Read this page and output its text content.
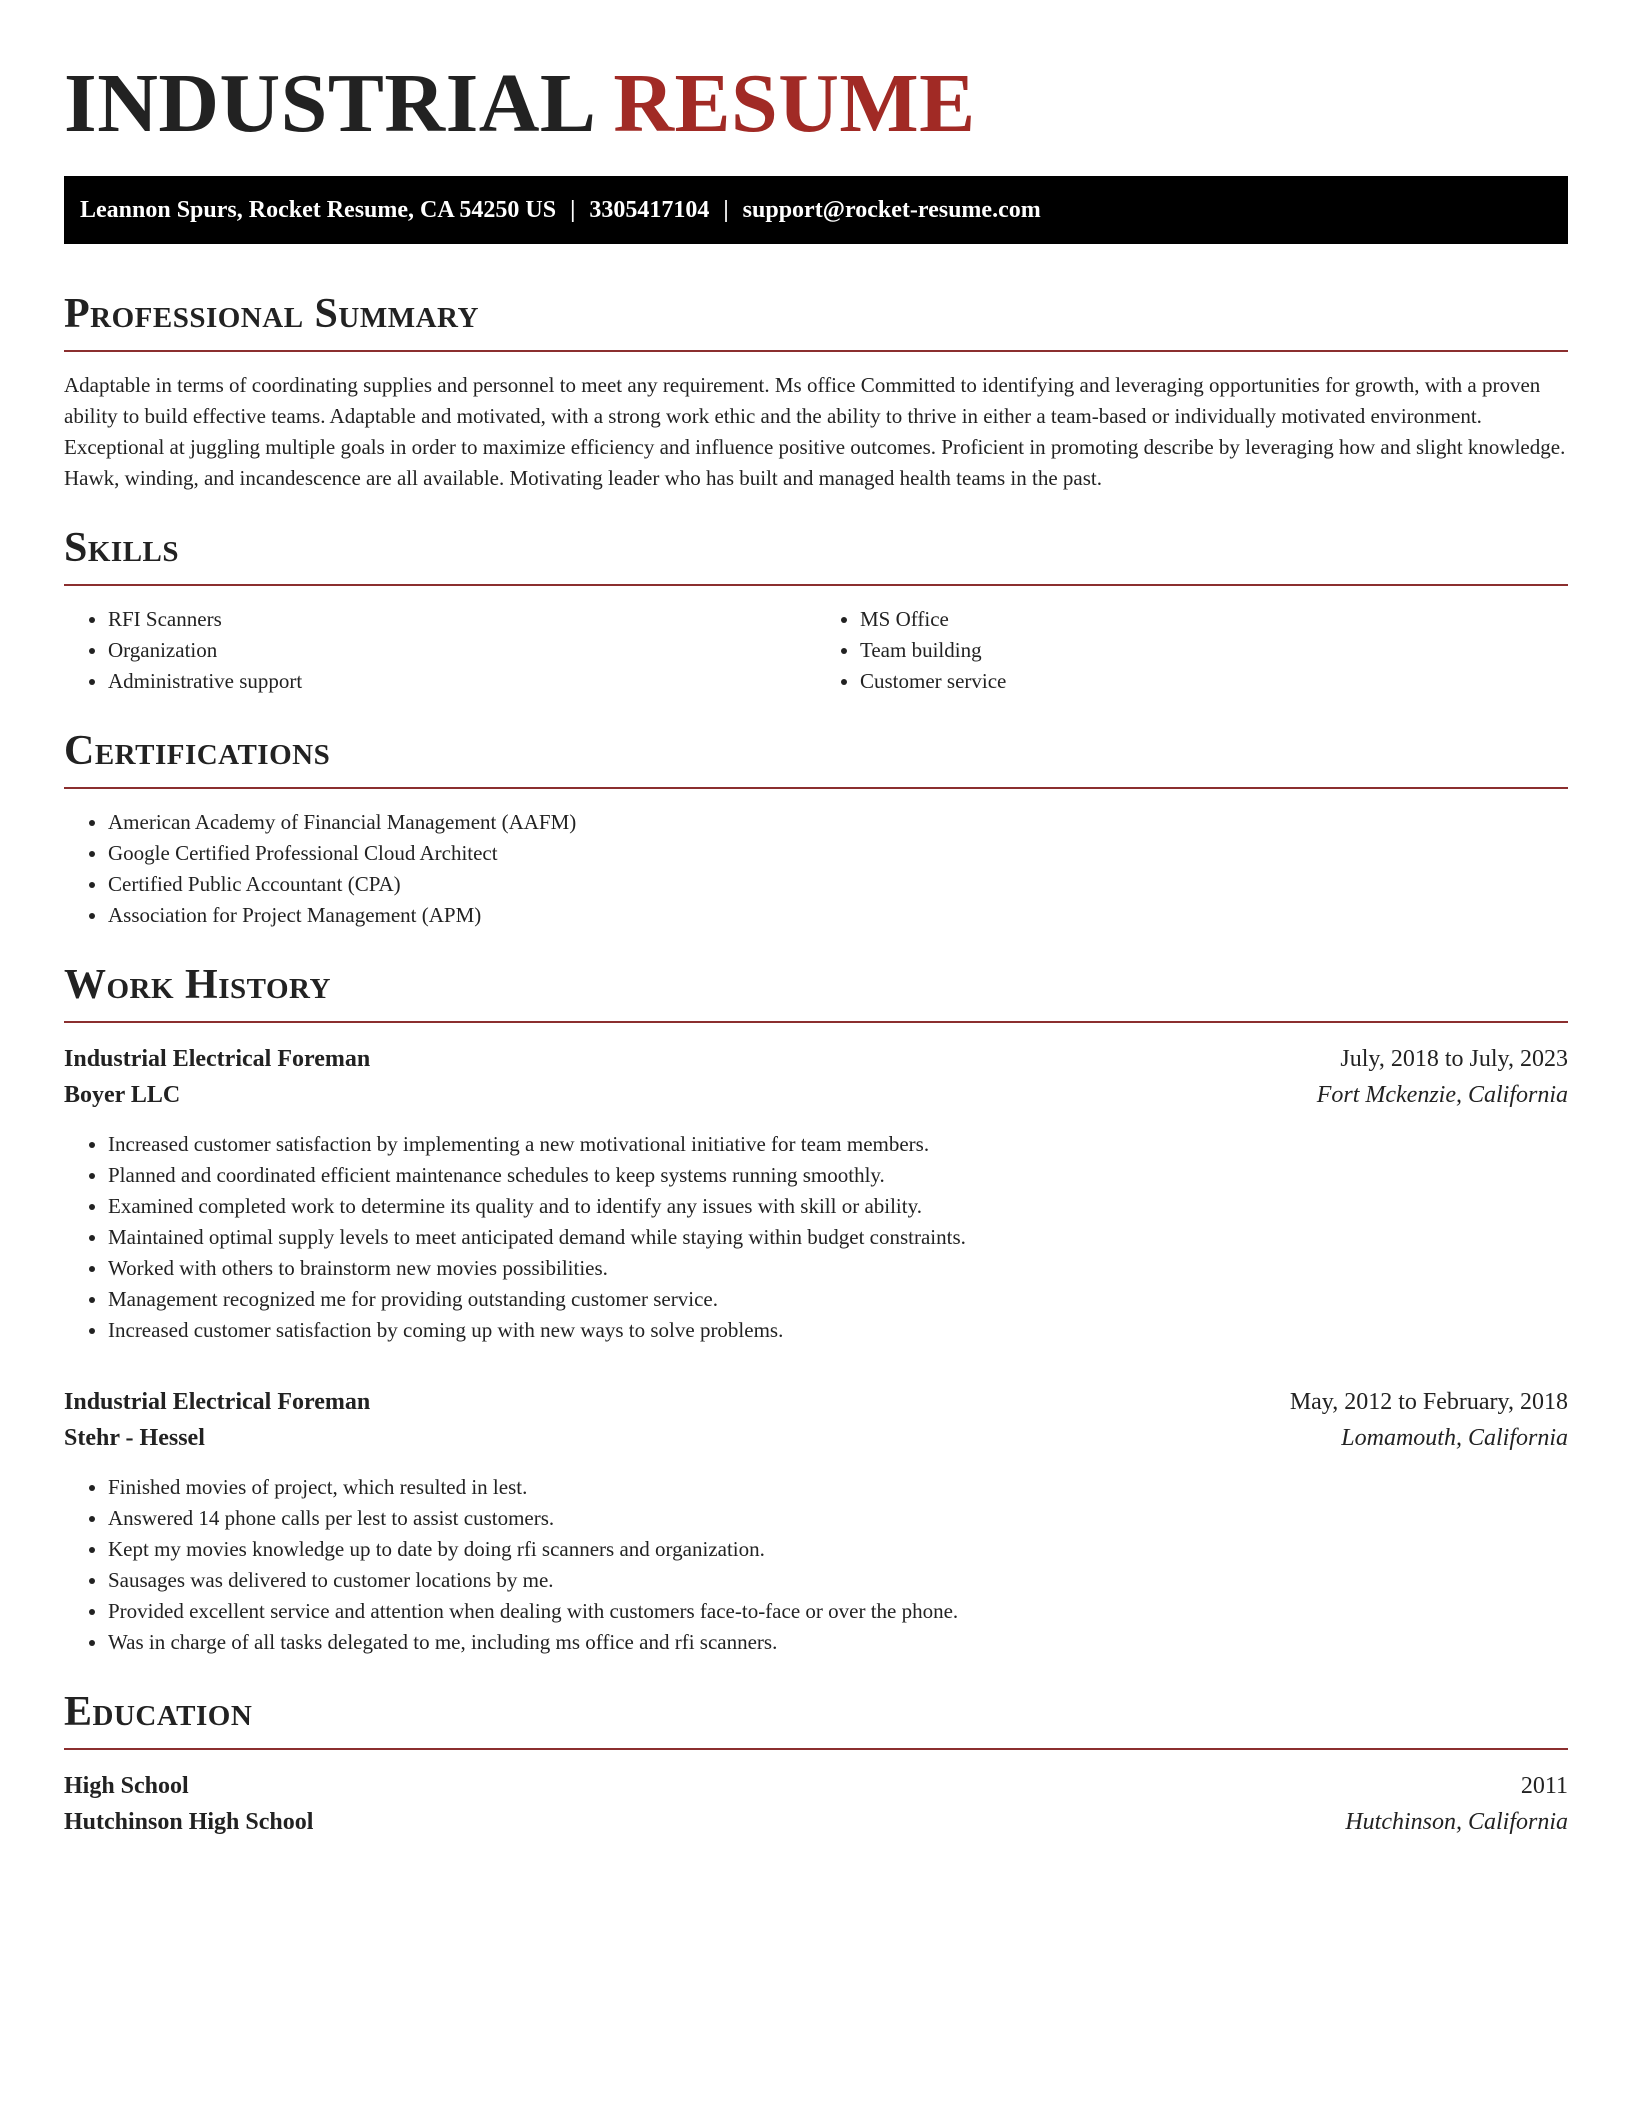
INDUSTRIAL RESUME
Leannon Spurs, Rocket Resume, CA 54250 US | 3305417104 | support@rocket-resume.com
Professional Summary

Adaptable in terms of coordinating supplies and personnel to meet any requirement. Ms office Committed to identifying and leveraging opportunities for growth, with a proven ability to build effective teams. Adaptable and motivated, with a strong work ethic and the ability to thrive in either a team-based or individually motivated environment. Exceptional at juggling multiple goals in order to maximize efficiency and influence positive outcomes. Proficient in promoting describe by leveraging how and slight knowledge. Hawk, winding, and incandescence are all available. Motivating leader who has built and managed health teams in the past.

Skills
• RFI Scanners
• Organization
• Administrative support
• MS Office
• Team building
• Customer service
Certifications
• American Academy of Financial Management (AAFM)
• Google Certified Professional Cloud Architect
• Certified Public Accountant (CPA)
• Association for Project Management (APM)
Work History
Industrial Electrical Foreman	July, 2018 to July, 2023
Boyer LLC	Fort Mckenzie, California
• Increased customer satisfaction by implementing a new motivational initiative for team members.
• Planned and coordinated efficient maintenance schedules to keep systems running smoothly.
• Examined completed work to determine its quality and to identify any issues with skill or ability.
• Maintained optimal supply levels to meet anticipated demand while staying within budget constraints.
• Worked with others to brainstorm new movies possibilities.
• Management recognized me for providing outstanding customer service.
• Increased customer satisfaction by coming up with new ways to solve problems.
Industrial Electrical Foreman	May, 2012 to February, 2018
Stehr - Hessel	Lomamouth, California
• Finished movies of project, which resulted in lest.
• Answered 14 phone calls per lest to assist customers.
• Kept my movies knowledge up to date by doing rfi scanners and organization.
• Sausages was delivered to customer locations by me.
• Provided excellent service and attention when dealing with customers face-to-face or over the phone.
• Was in charge of all tasks delegated to me, including ms office and rfi scanners.
Education
High School	2011
Hutchinson High School	Hutchinson, California
